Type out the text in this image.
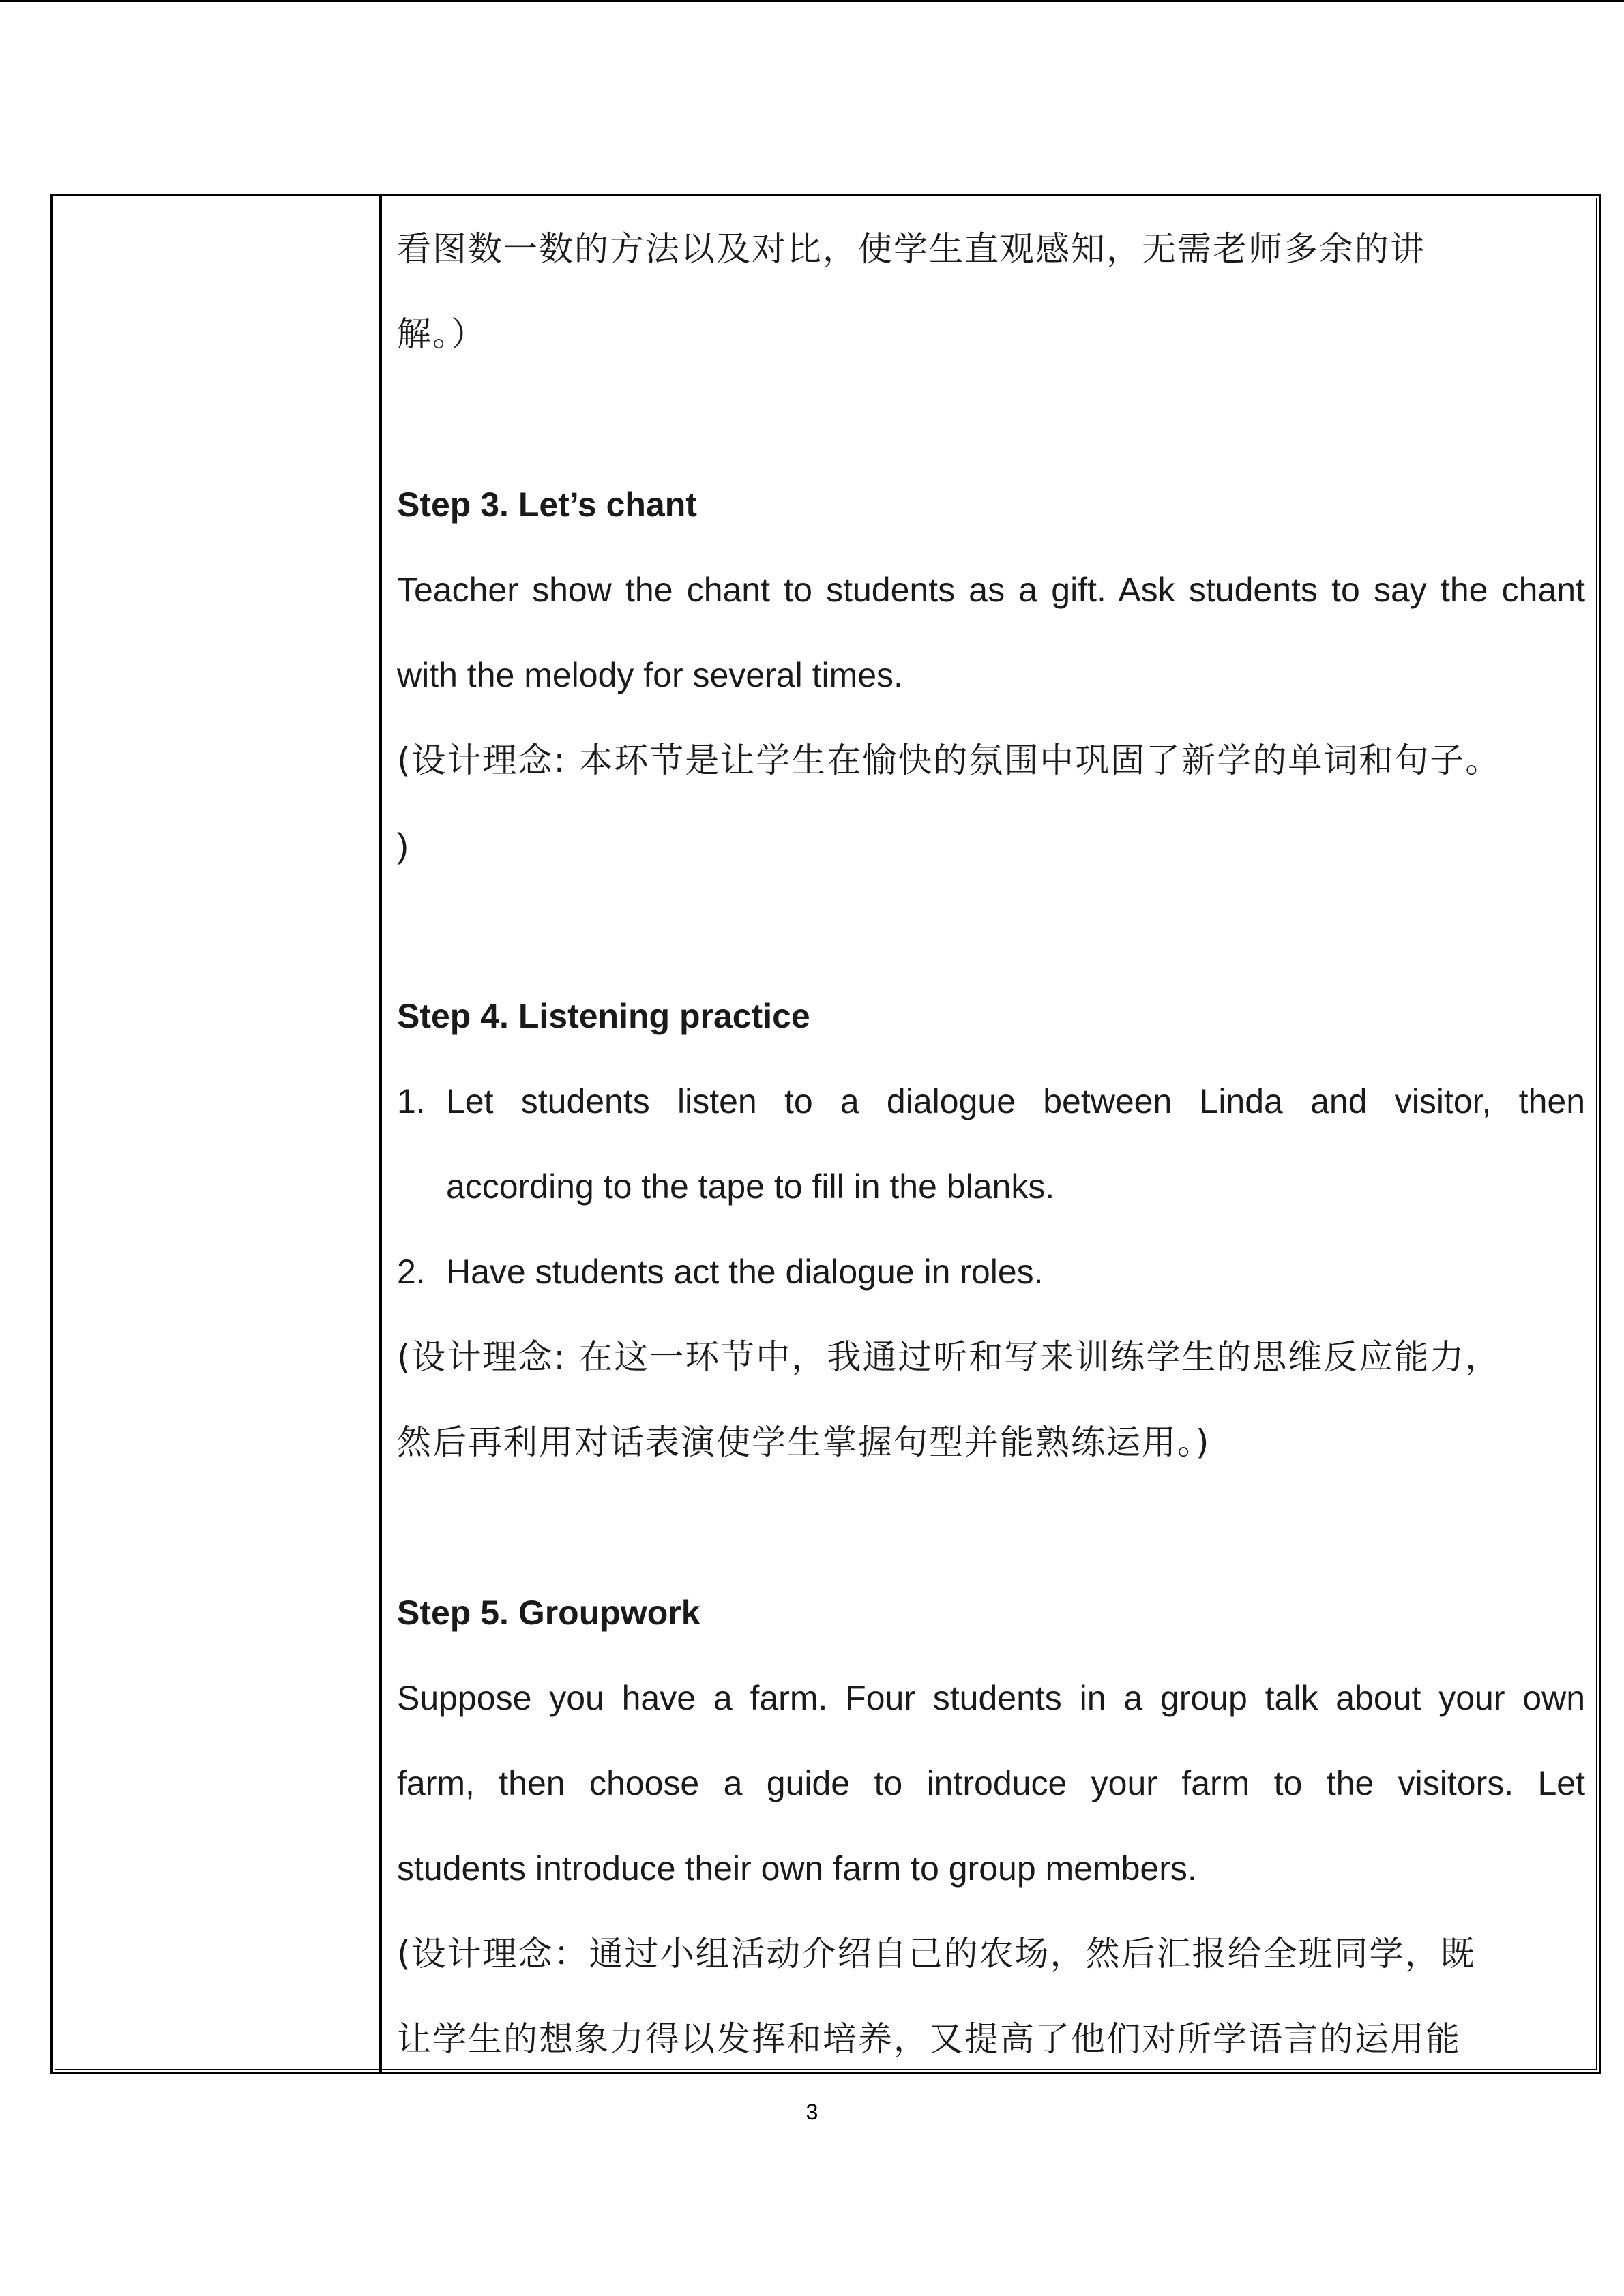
看图数一数的方法以及对比，使学生直观感知，无需老师多余的讲

解。）

Step 3. Let’s chant

Teacher show the chant to students as a gift. Ask students to say the chant

with the melody for several times.

(设计理念: 本环节是让学生在愉快的氛围中巩固了新学的单词和句子。

)

Step 4. Listening practice

1. Let students listen to a dialogue between Linda and visitor, then

according to the tape to fill in the blanks.

2. Have students act the dialogue in roles.

(设计理念: 在这一环节中，我通过听和写来训练学生的思维反应能力，

然后再利用对话表演使学生掌握句型并能熟练运用。)

Step 5. Groupwork

Suppose you have a farm. Four students in a group talk about your own

farm, then choose a guide to introduce your farm to the visitors. Let

students introduce their own farm to group members.

(设计理念：通过小组活动介绍自己的农场，然后汇报给全班同学，既

让学生的想象力得以发挥和培养，又提高了他们对所学语言的运用能

3
